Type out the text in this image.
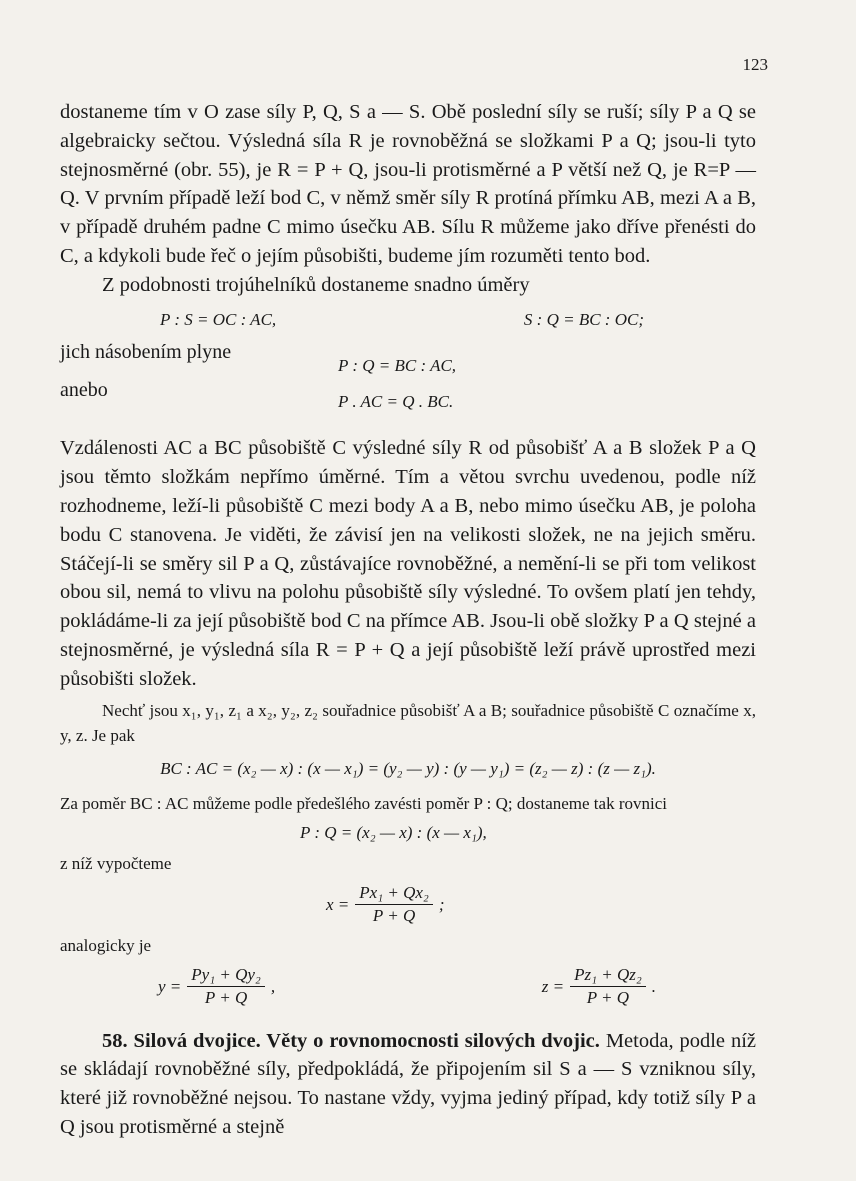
123

dostaneme tím v O zase síly P, Q, S a — S. Obě poslední síly se ruší; síly P a Q se algebraicky sečtou. Výsledná síla R je rovnoběžná se složkami P a Q; jsou-li tyto stejnosměrné (obr. 55), je R = P + Q, jsou-li protisměrné a P větší než Q, je R=P — Q. V prvním případě leží bod C, v němž směr síly R protíná přímku AB, mezi A a B, v případě druhém padne C mimo úsečku AB. Sílu R můžeme jako dříve přenésti do C, a kdykoli bude řeč o jejím působišti, budeme jím rozuměti tento bod.

Z podobnosti trojúhelníků dostaneme snadno úměry

P : S = OC : AC,	S : Q = BC : OC;
jich násobením plyne
P : Q = BC : AC,
anebo
P . AC = Q . BC.

Vzdálenosti AC a BC působiště C výsledné síly R od působišť A a B složek P a Q jsou těmto složkám nepřímo úměrné. Tím a větou svrchu uvedenou, podle níž rozhodneme, leží-li působiště C mezi body A a B, nebo mimo úsečku AB, je poloha bodu C stanovena. Je viděti, že závisí jen na velikosti složek, ne na jejich směru. Stáčejí-li se směry sil P a Q, zůstávajíce rovnoběžné, a nemění-li se při tom velikost obou sil, nemá to vlivu na polohu působiště síly výsledné. To ovšem platí jen tehdy, pokládáme-li za její působiště bod C na přímce AB. Jsou-li obě složky P a Q stejné a stejnosměrné, je výsledná síla R = P + Q a její působiště leží právě uprostřed mezi působišti složek.

Nechť jsou x₁, y₁, z₁ a x₂, y₂, z₂ souřadnice působišť A a B; souřadnice působiště C označíme x, y, z. Je pak

BC : AC = (x₂ — x) : (x — x₁) = (y₂ — y) : (y — y₁) = (z₂ — z) : (z — z₁).

Za poměr BC : AC můžeme podle předešlého zavésti poměr P : Q; dostaneme tak rovnici

P : Q = (x₂ — x) : (x — x₁),

z níž vypočteme

$x = \frac{\text{Px₁ + Qx₂}}{P + Q}$ ;

analogicky je

$y = \frac{\text{Py₁ + Qy₂}}{P + Q}$ ,	$z = \frac{\text{Pz₁ + Qz₂}}{P + Q}$ .

58. Silová dvojice. Věty o rovnomocnosti silových dvojic. Metoda, podle níž se skládají rovnoběžné síly, předpokládá, že připojením sil S a — S vzniknou síly, které již rovnoběžné nejsou. To nastane vždy, vyjma jediný případ, kdy totiž síly P a Q jsou protisměrné a stejně
